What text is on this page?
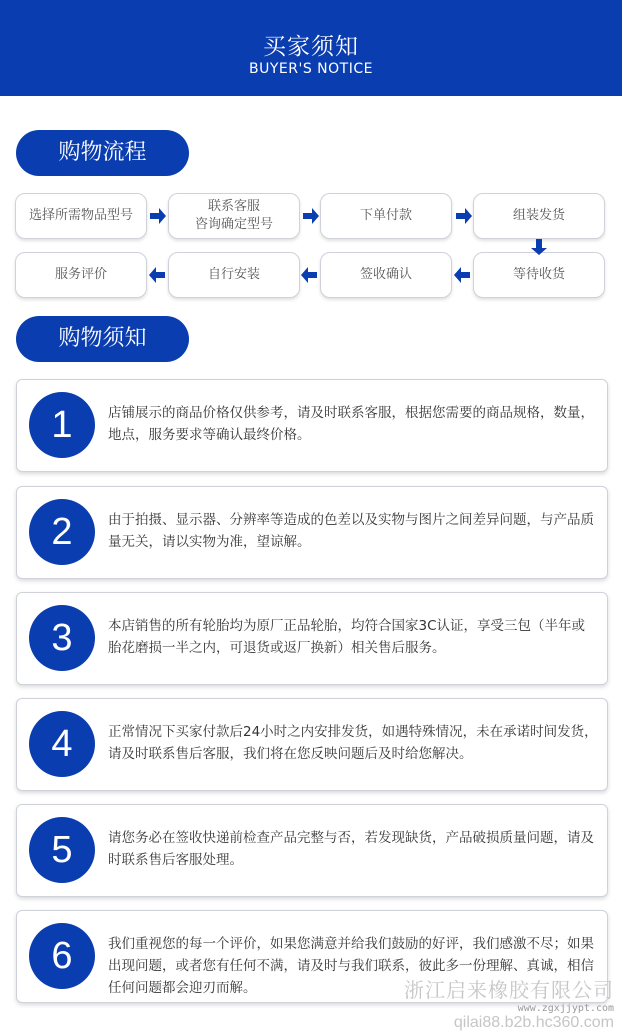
买家须知
BUYER'S NOTICE
购物流程
选择所需物品型号
联系客服
咨询确定型号
下单付款	组装发货
等待收货
签收确认
自行安装
服务评价
购物须知
1	店铺展示的商品价格仅供参考，请及时联系客服，根据您需要的商品规格，数量，地点，服务要求等确认最终价格。
2	由于拍摄、显示器、分辨率等造成的色差以及实物与图片之间差异问题，与产品质量无关，请以实物为准，望谅解。
3	本店销售的所有轮胎均为原厂正品轮胎，均符合国家3C认证，享受三包（半年或胎花磨损一半之内，可退货或返厂换新）相关售后服务。
4	正常情况下买家付款后24小时之内安排发货，如遇特殊情况，未在承诺时间发货，请及时联系售后客服，我们将在您反映问题后及时给您解决。
5	请您务必在签收快递前检查产品完整与否，若发现缺货，产品破损质量问题，请及时联系售后客服处理。
6	我们重视您的每一个评价，如果您满意并给我们鼓励的好评，我们感激不尽；如果出现问题，或者您有任何不满，请及时与我们联系，彼此多一份理解、真诚，相信任何问题都会迎刃而解。	浙江启来橡胶有限公司
www.zgxjjypt.com
qilai88.b2b.hc360.com
